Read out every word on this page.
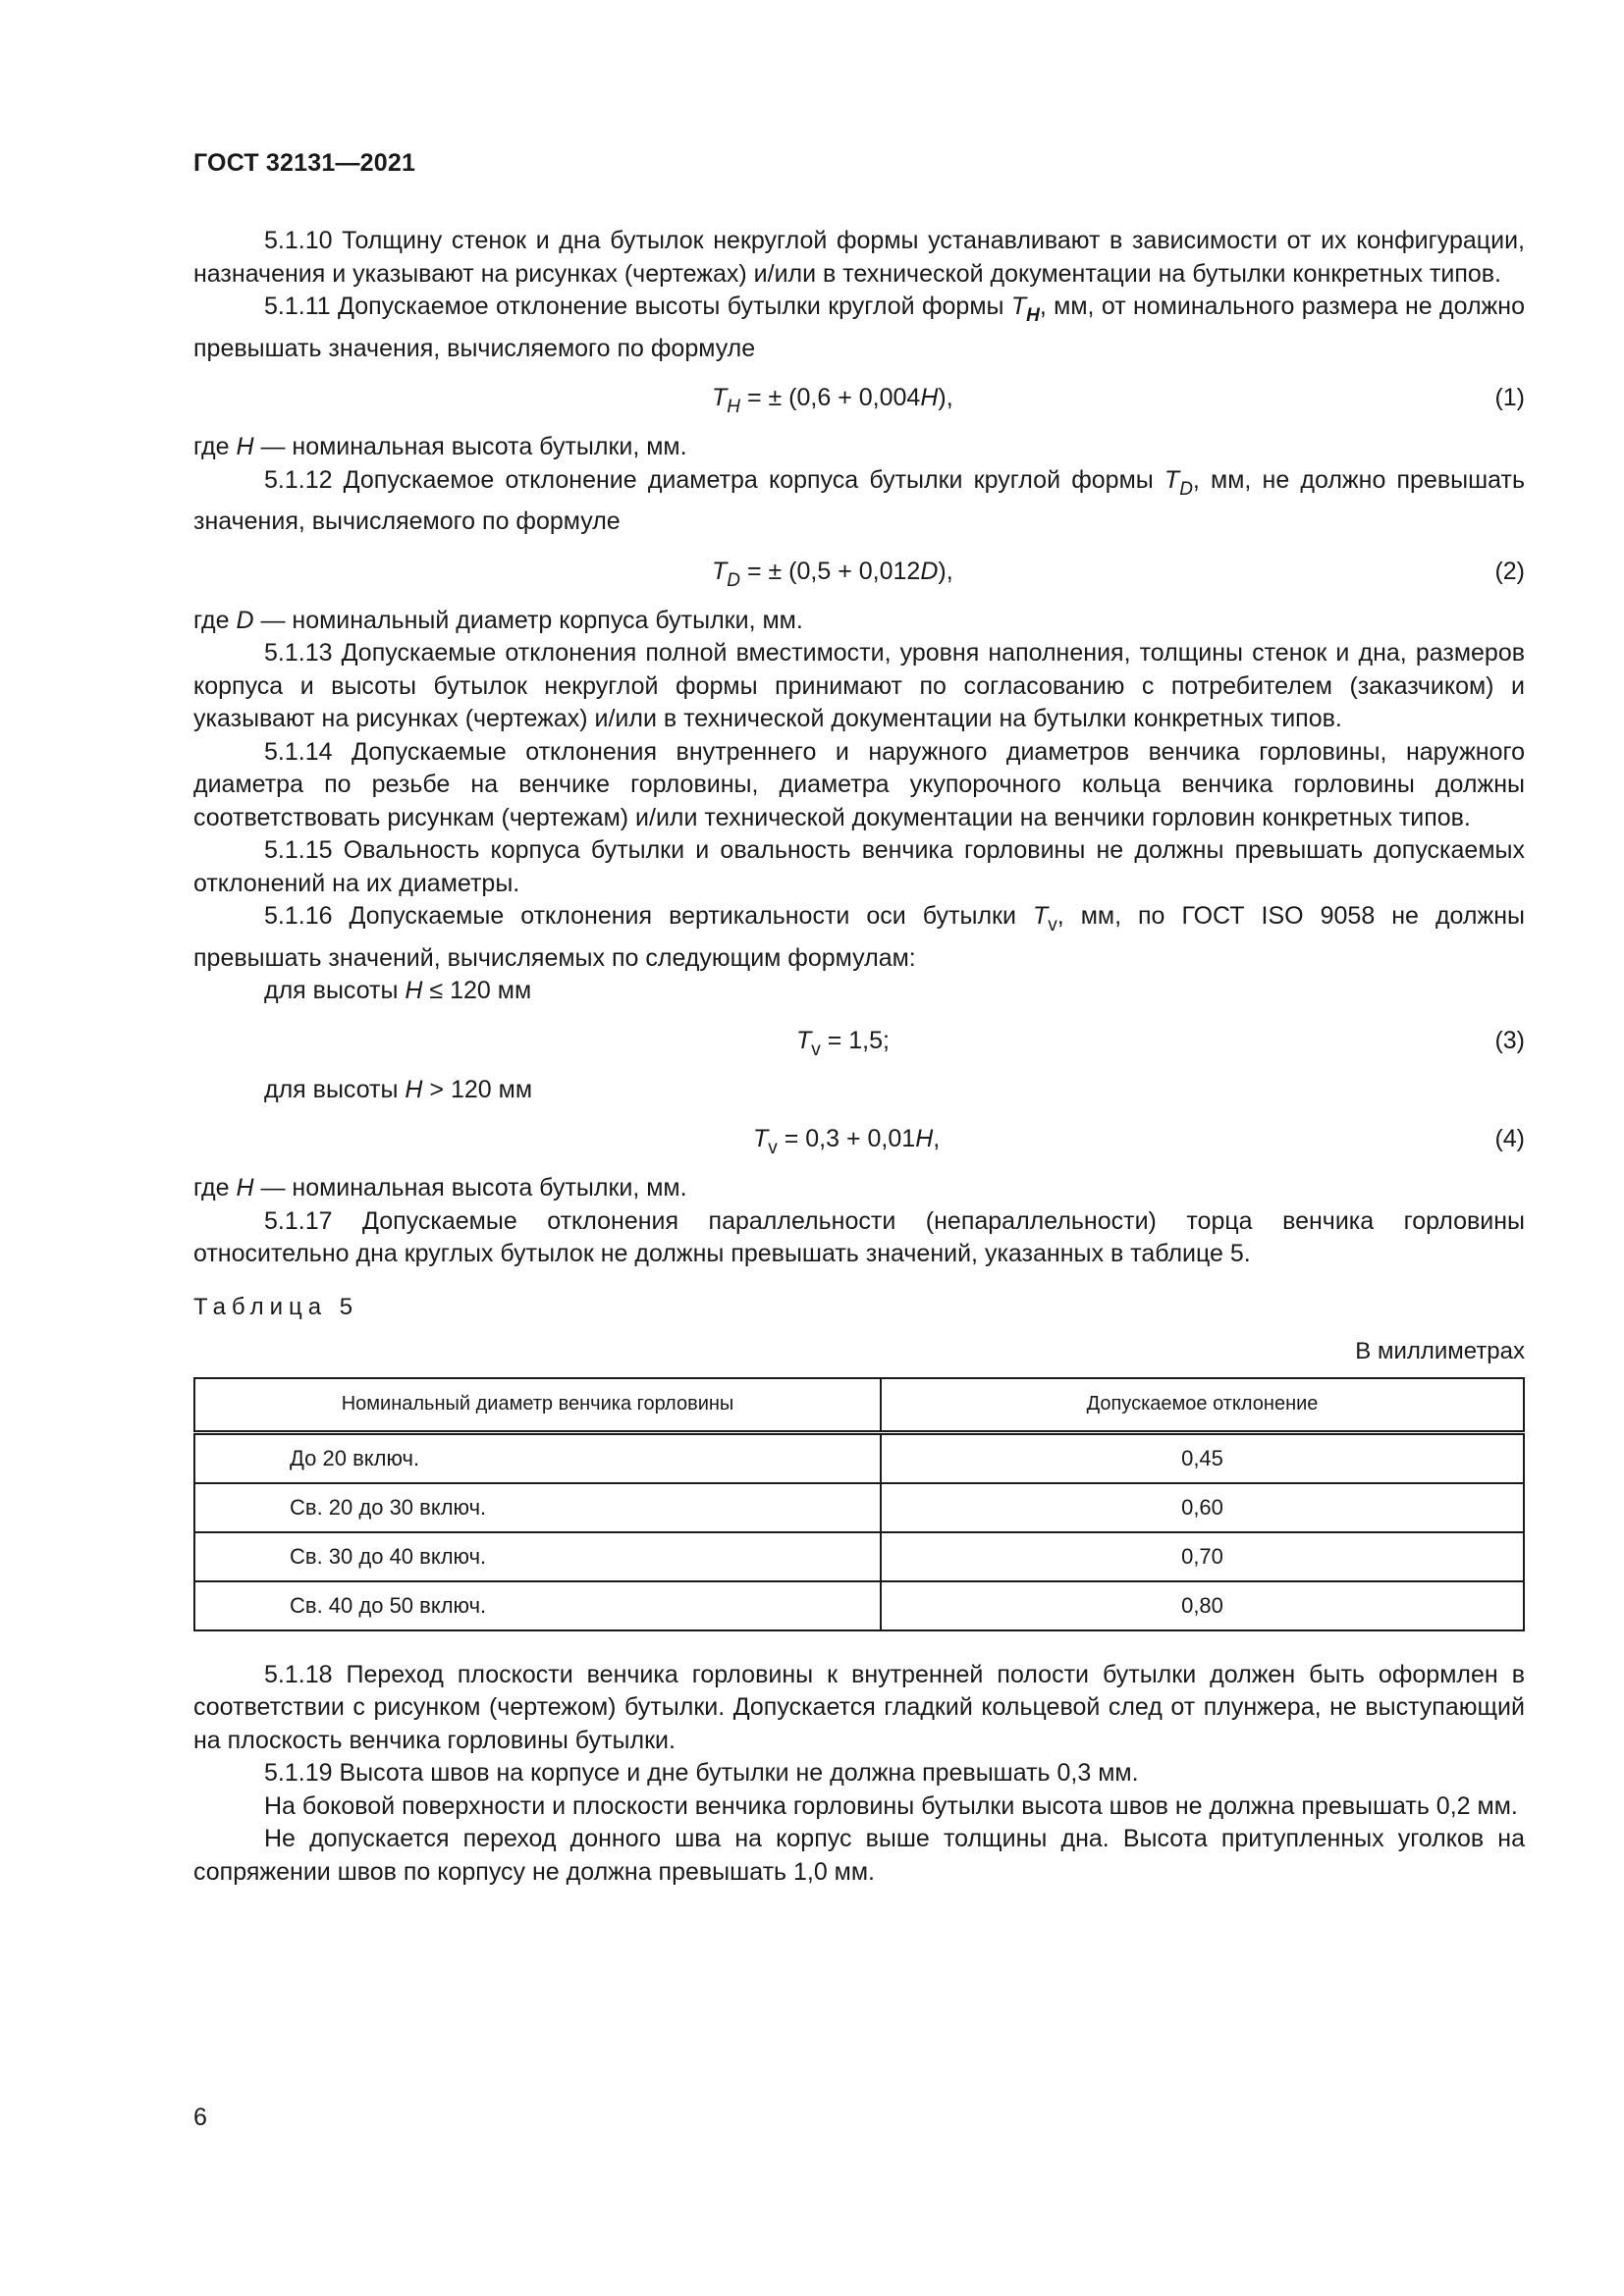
ГОСТ 32131—2021

5.1.10 Толщину стенок и дна бутылок некруглой формы устанавливают в зависимости от их конфигурации, назначения и указывают на рисунках (чертежах) и/или в технической документации на бутылки конкретных типов.

5.1.11 Допускаемое отклонение высоты бутылки круглой формы $T_H$, мм, от номинального размера не должно превышать значения, вычисляемого по формуле

$T_H$ = ± (0,6 + 0,004H),	(1)

где H — номинальная высота бутылки, мм.

5.1.12 Допускаемое отклонение диаметра корпуса бутылки круглой формы $T_D$, мм, не должно превышать значения, вычисляемого по формуле

$T_D$ = ± (0,5 + 0,012D),	(2)

где D — номинальный диаметр корпуса бутылки, мм.

5.1.13 Допускаемые отклонения полной вместимости, уровня наполнения, толщины стенок и дна, размеров корпуса и высоты бутылок некруглой формы принимают по согласованию с потребителем (заказчиком) и указывают на рисунках (чертежах) и/или в технической документации на бутылки конкретных типов.

5.1.14 Допускаемые отклонения внутреннего и наружного диаметров венчика горловины, наружного диаметра по резьбе на венчике горловины, диаметра укупорочного кольца венчика горловины должны соответствовать рисункам (чертежам) и/или технической документации на венчики горловин конкретных типов.

5.1.15 Овальность корпуса бутылки и овальность венчика горловины не должны превышать допускаемых отклонений на их диаметры.

5.1.16 Допускаемые отклонения вертикальности оси бутылки $T_v$, мм, по ГОСТ ISO 9058 не должны превышать значений, вычисляемых по следующим формулам:

для высоты H ≤ 120 мм

$T_v = 1,5$;	(3)

для высоты H > 120 мм

$T_v = 0,3 + 0,01H$,	(4)

где H — номинальная высота бутылки, мм.

5.1.17 Допускаемые отклонения параллельности (непараллельности) торца венчика горловины относительно дна круглых бутылок не должны превышать значений, указанных в таблице 5.

Таблица 5
В миллиметрах
Номинальный диаметр венчика горловины	Допускаемое отклонение
До 20 включ.	0,45
Св. 20 до 30 включ.	0,60
Св. 30 до 40 включ.	0,70
Св. 40 до 50 включ.	0,80

5.1.18 Переход плоскости венчика горловины к внутренней полости бутылки должен быть оформлен в соответствии с рисунком (чертежом) бутылки. Допускается гладкий кольцевой след от плунжера, не выступающий на плоскость венчика горловины бутылки.

5.1.19 Высота швов на корпусе и дне бутылки не должна превышать 0,3 мм.

На боковой поверхности и плоскости венчика горловины бутылки высота швов не должна превышать 0,2 мм.

Не допускается переход донного шва на корпус выше толщины дна. Высота притупленных уголков на сопряжении швов по корпусу не должна превышать 1,0 мм.

6
